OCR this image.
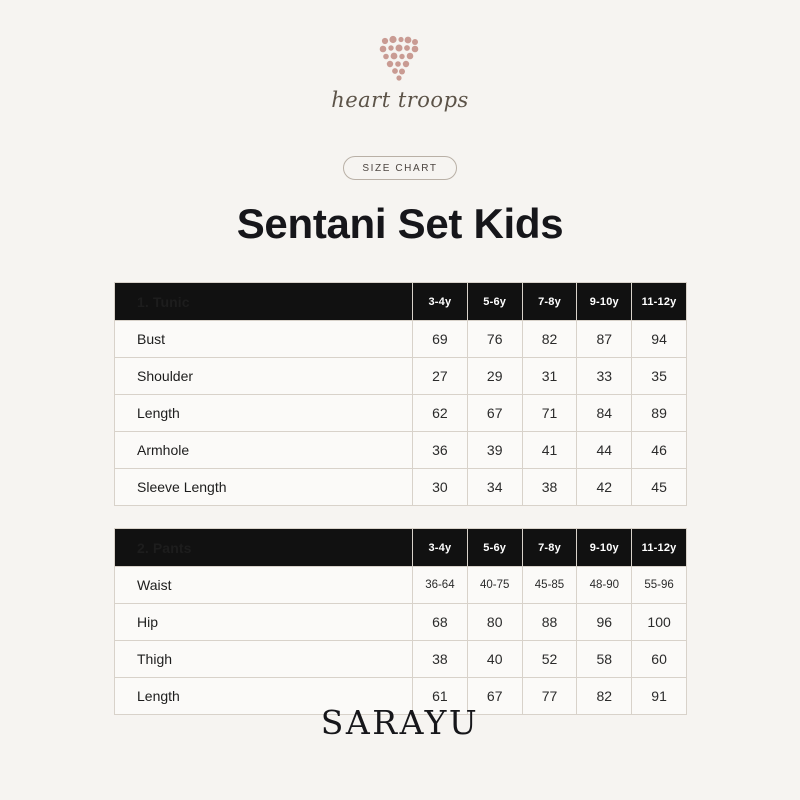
heart troops
SIZE CHART
Sentani Set Kids
1. Tunic	3-4y	5-6y	7-8y	9-10y	11-12y
Bust	69	76	82	87	94
Shoulder	27	29	31	33	35
Length	62	67	71	84	89
Armhole	36	39	41	44	46
Sleeve Length	30	34	38	42	45
2. Pants	3-4y	5-6y	7-8y	9-10y	11-12y
Waist	36-64	40-75	45-85	48-90	55-96
Hip	68	80	88	96	100
Thigh	38	40	52	58	60
Length	61	67	77	82	91
SARAYU
